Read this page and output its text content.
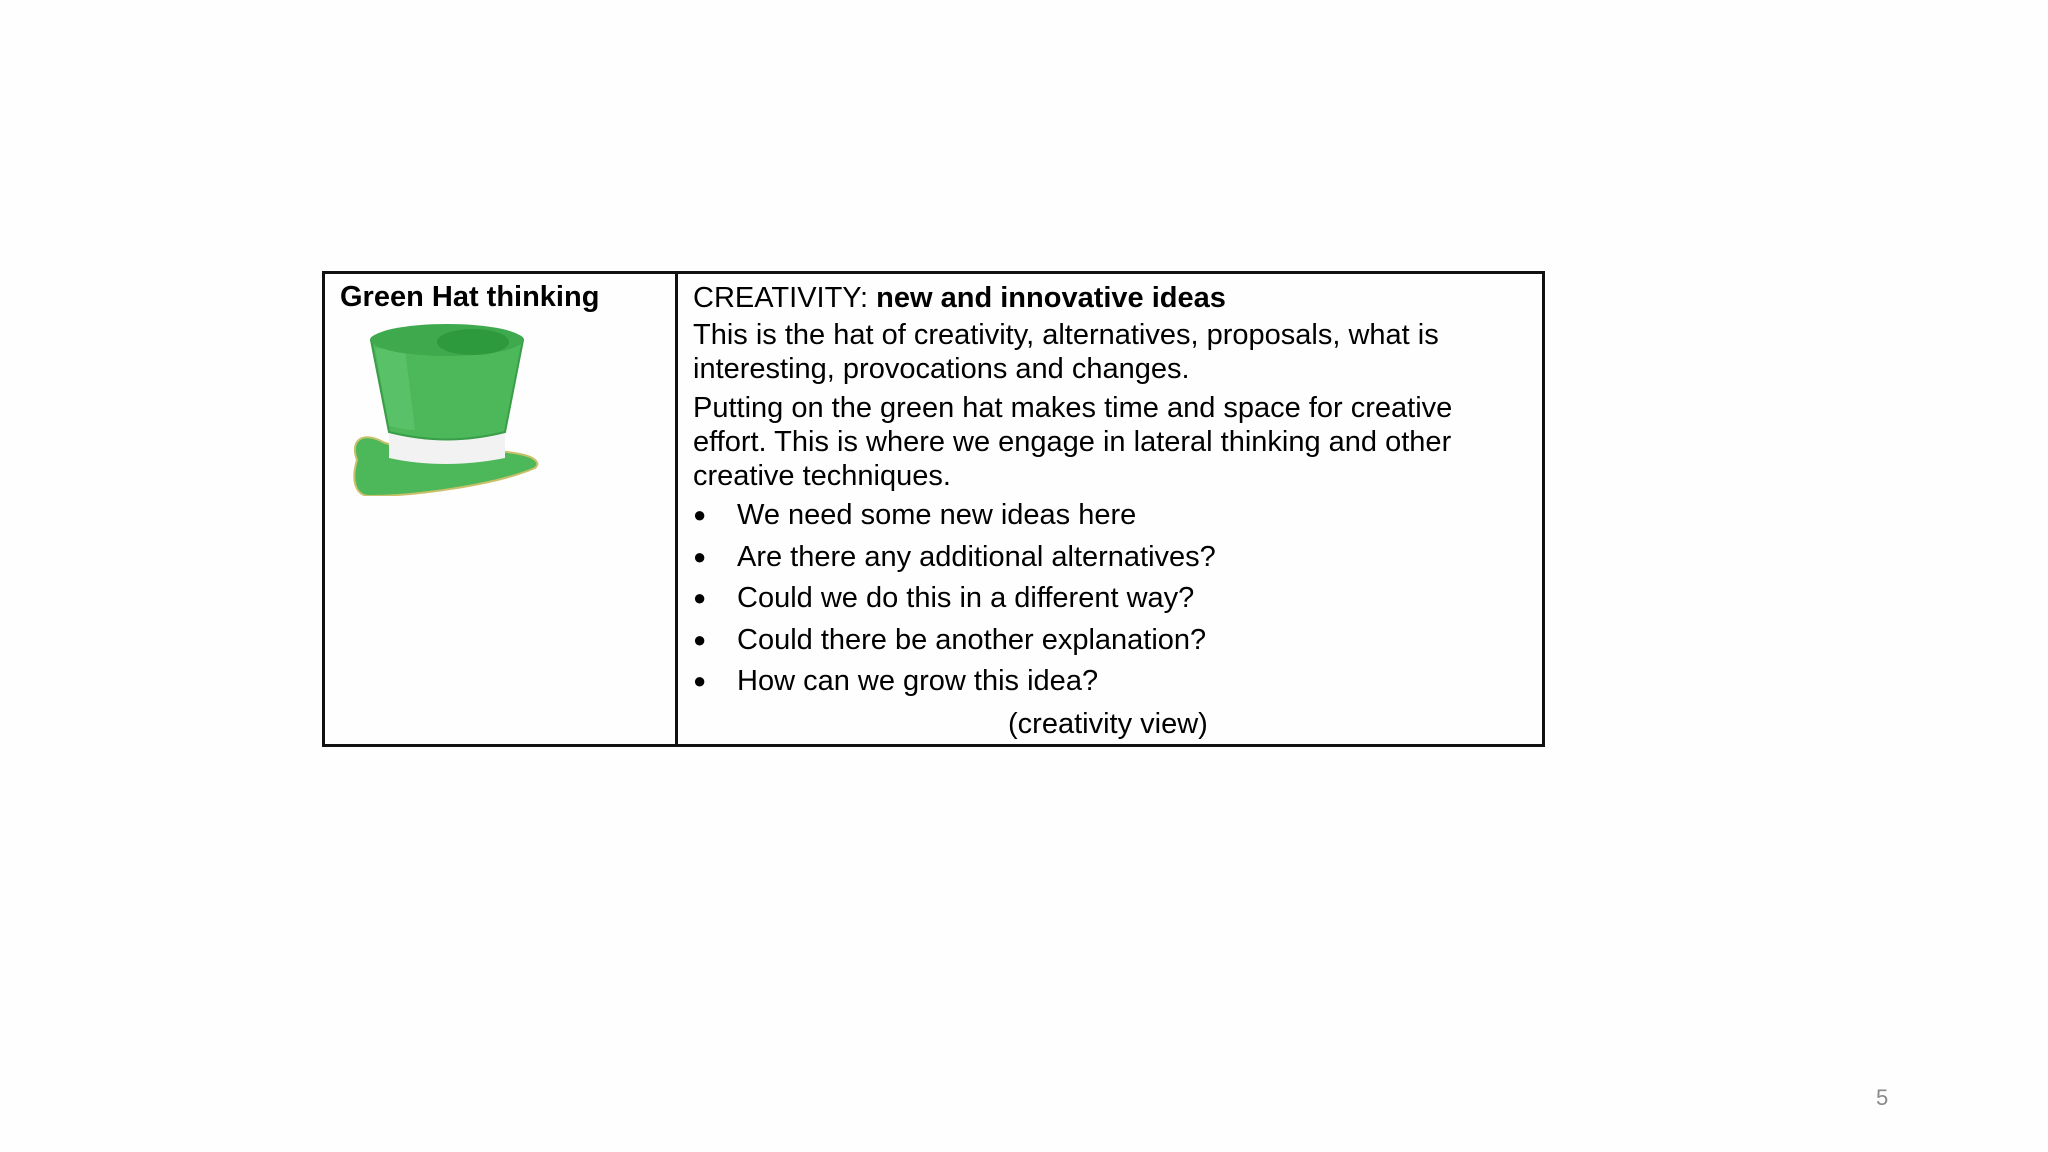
Green Hat thinking	CREATIVITY: new and innovative ideas
This is the hat of creativity, alternatives, proposals, what is interesting, provocations and changes.
Putting on the green hat makes time and space for creative effort. This is where we engage in lateral thinking and other creative techniques.
●	We need some new ideas here
●	Are there any additional alternatives?
●	Could we do this in a different way?
●	Could there be another explanation?
●	How can we grow this idea?
(creativity view)
5
